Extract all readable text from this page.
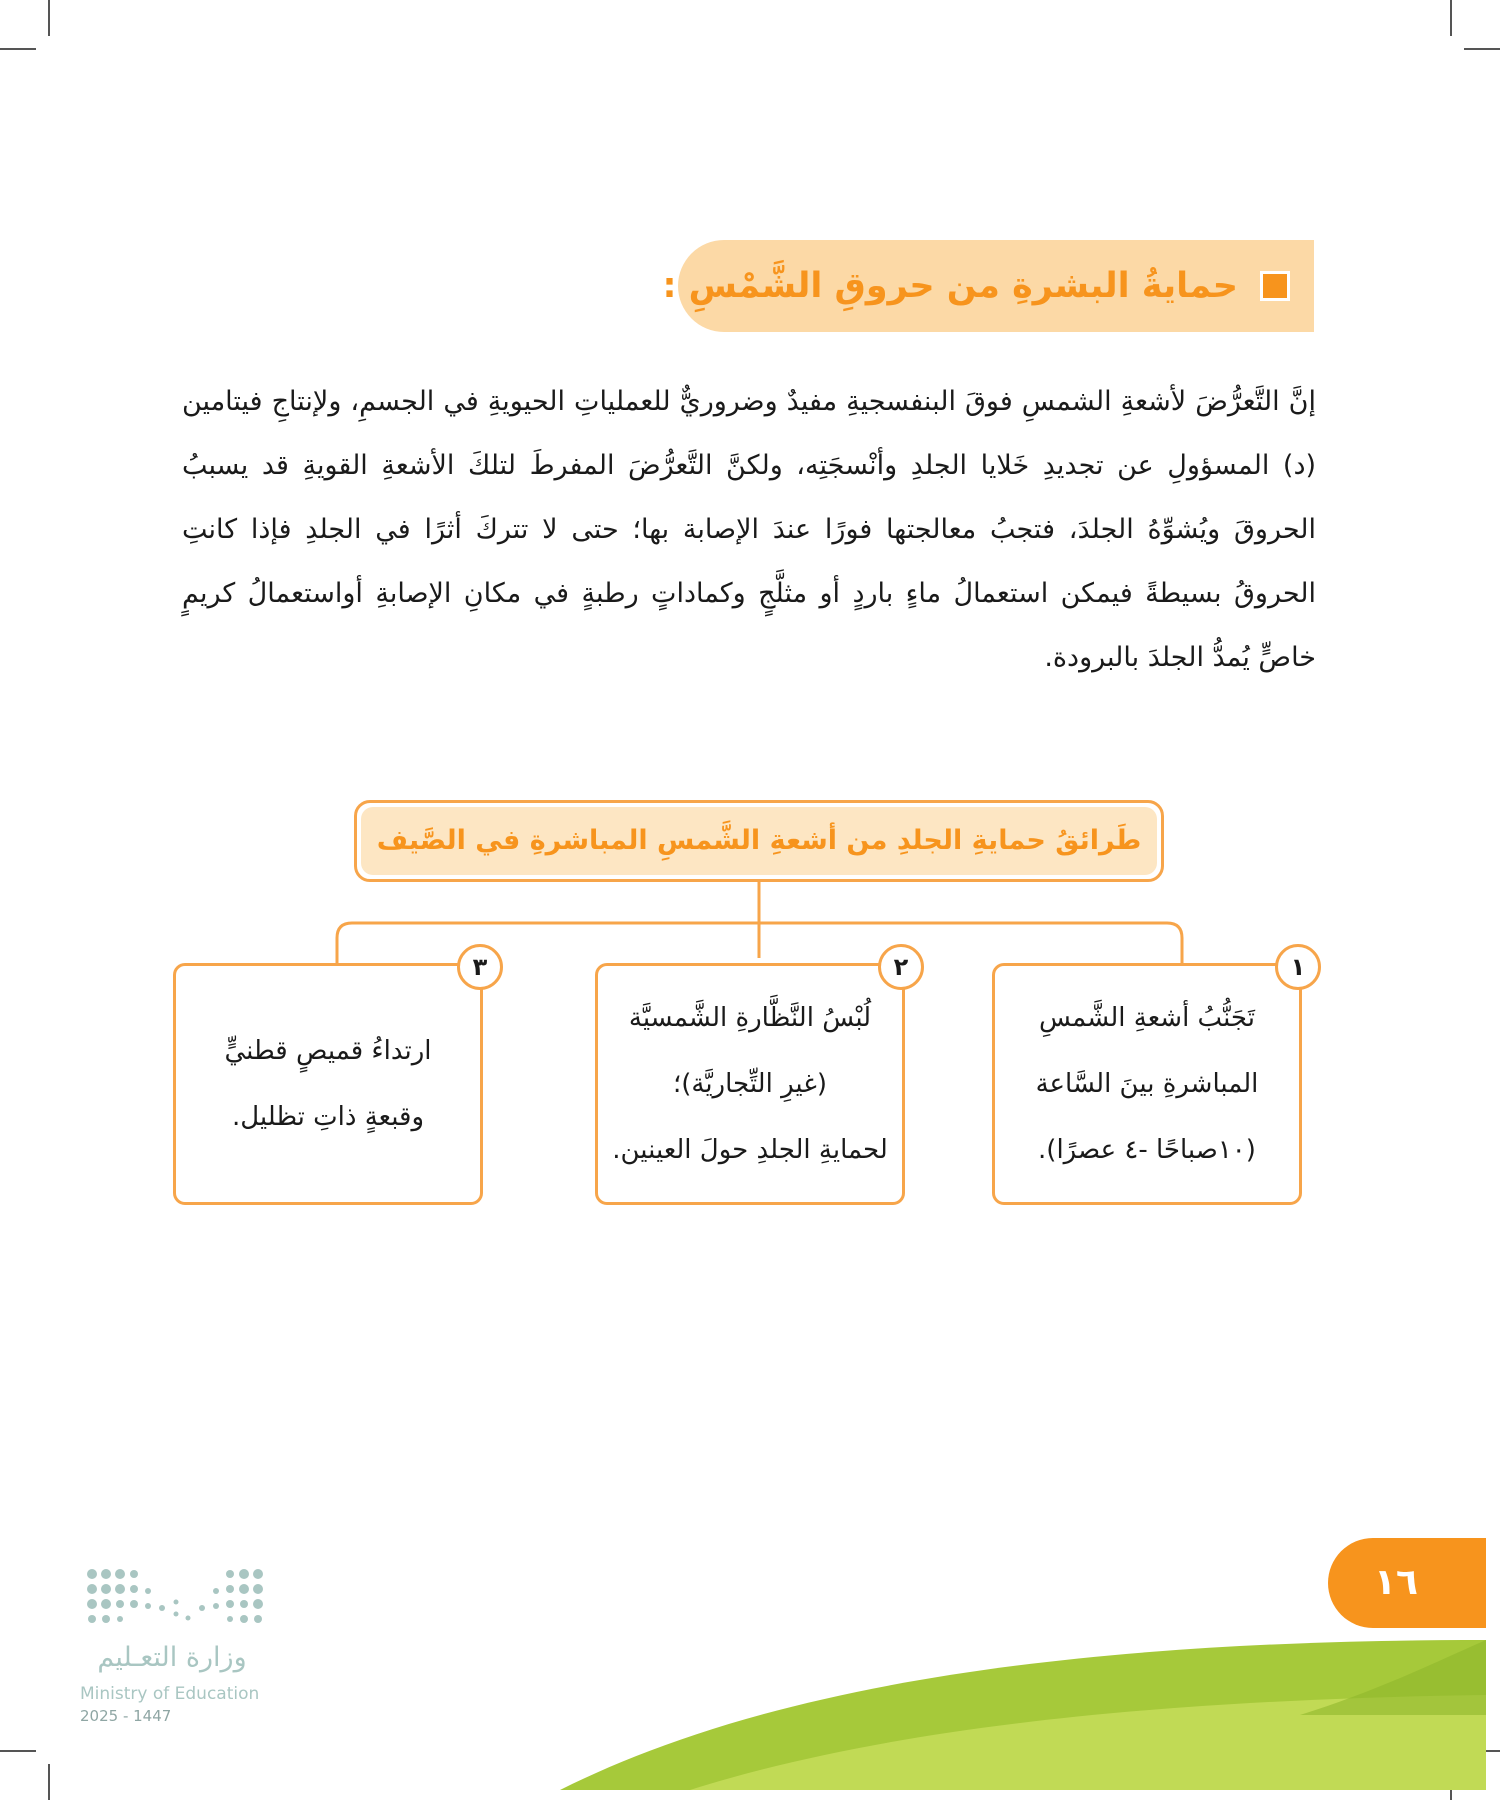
حمايةُ البشرةِ من حروقِ الشَّمْسِ :
إنَّ التَّعرُّضَ لأشعةِ الشمسِ فوقَ البنفسجيةِ مفيدٌ وضروريٌّ للعملياتِ الحيويةِ في الجسمِ، ولإنتاجِ فيتامين (د) المسؤولِ عن تجديدِ خَلايا الجلدِ وأنْسجَتِه، ولكنَّ التَّعرُّضَ المفرطَ لتلكَ الأشعةِ القويةِ قد يسببُ الحروقَ ويُشوِّهُ الجلدَ، فتجبُ معالجتها فورًا عندَ الإصابة بها؛ حتى لا تتركَ أثرًا في الجلدِ فإذا كانتِ الحروقُ بسيطةً فيمكن استعمالُ ماءٍ باردٍ أو مثلَّجٍ وكماداتٍ رطبةٍ في مكانِ الإصابةِ أواستعمالُ كريمٍ خاصٍّ يُمدُّ الجلدَ بالبرودة.
طَرائقُ حمايةِ الجلدِ من أشعةِ الشَّمسِ المباشرةِ في الصَّيف
تَجَنُّبُ أشعةِ الشَّمسِ
المباشرةِ بينَ السَّاعة
(١٠صباحًا -٤ عصرًا).
١
لُبْسُ النَّظَّارةِ الشَّمسيَّة
(غيرِ التِّجاريَّة)؛
لحمايةِ الجلدِ حولَ العينين.
٢
ارتداءُ قميصٍ قطنيٍّ
وقبعةٍ ذاتِ تظليل.
٣
١٦
وزارة التعـليم
Ministry of Education
2025 - 1447
